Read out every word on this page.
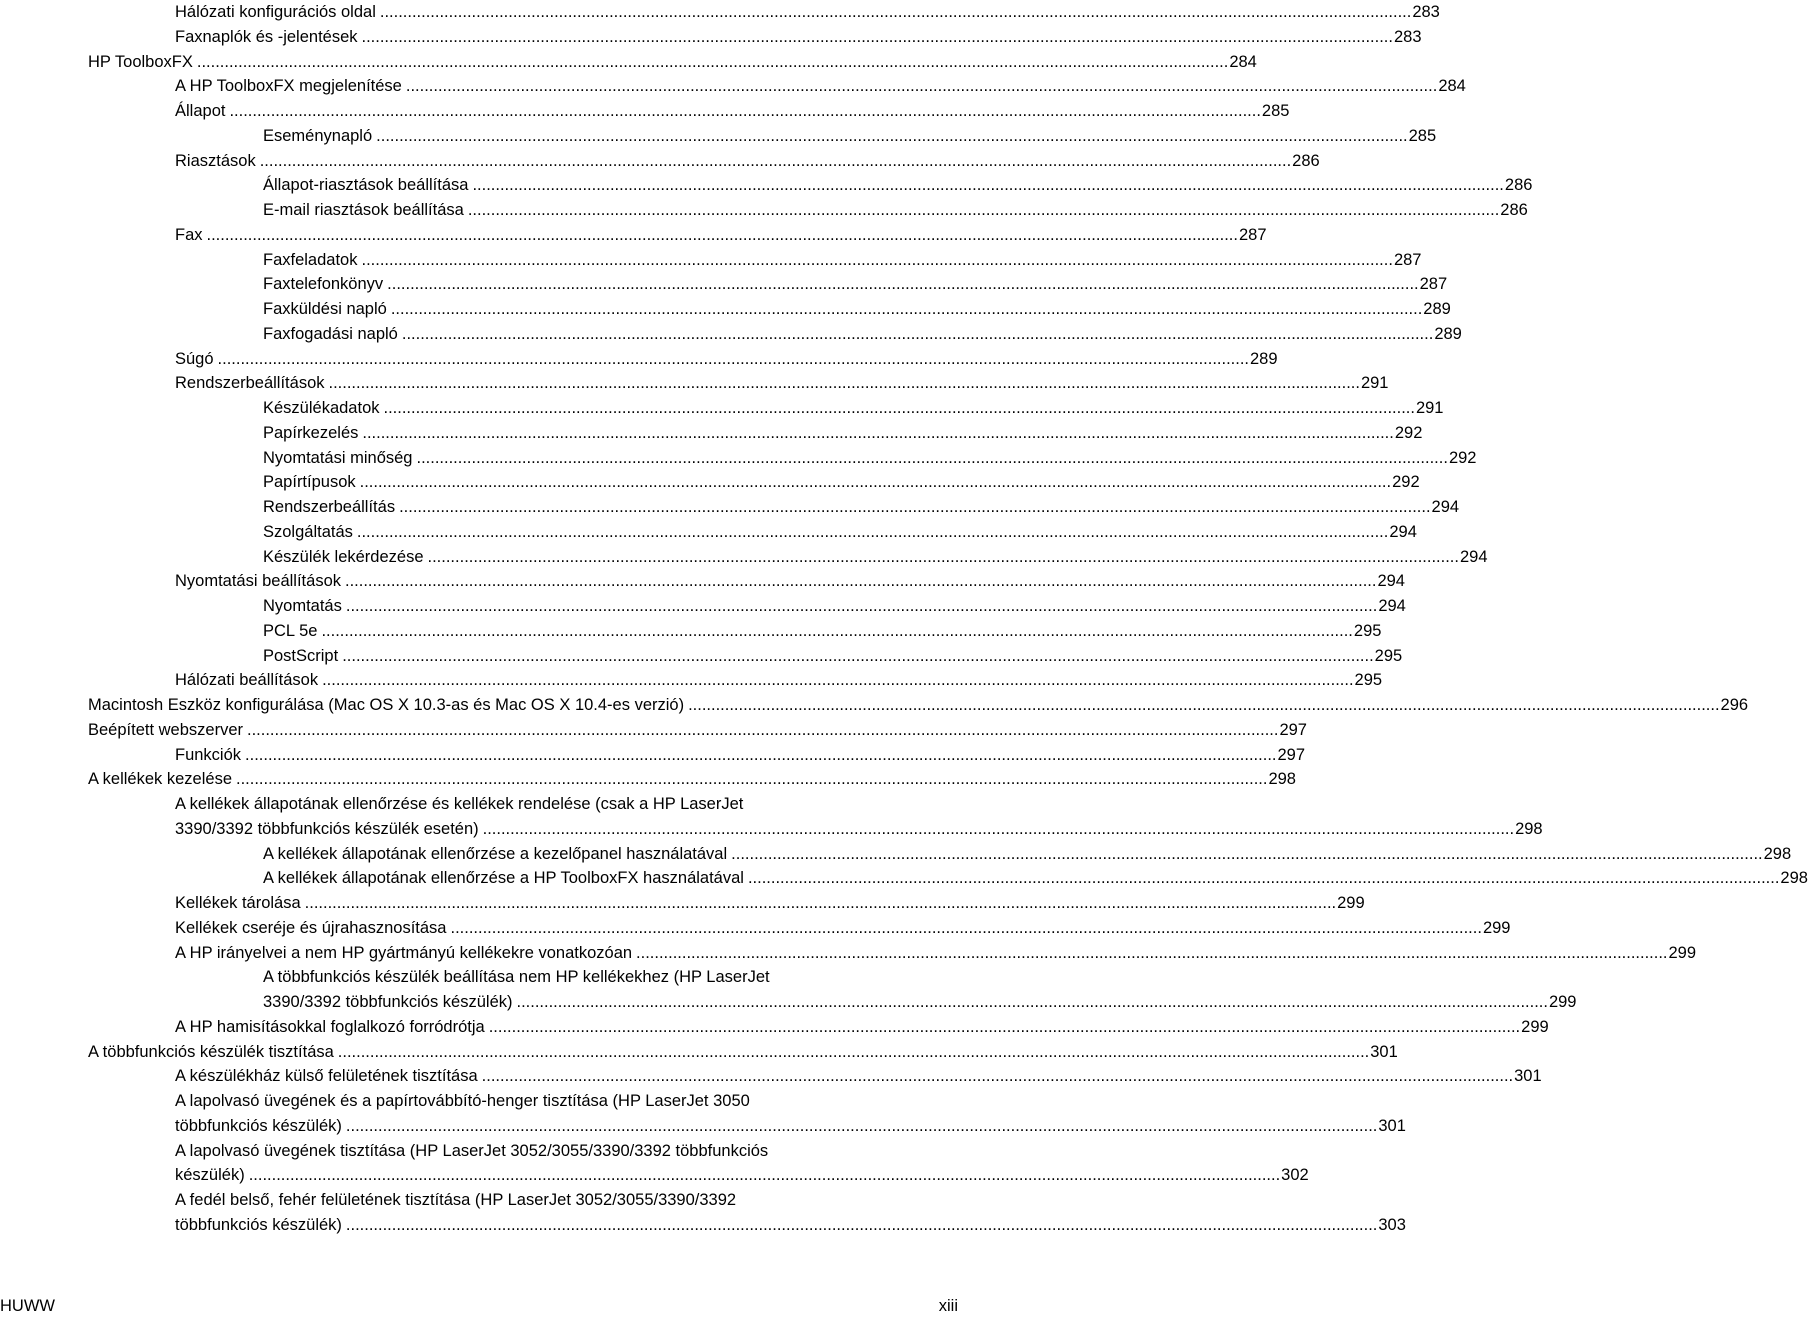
Hálózati konfigurációs oldal .....	283
Faxnaplók és -jelentések .....	283
HP ToolboxFX .....	284
A HP ToolboxFX megjelenítése .....	284
Állapot .....	285
Eseménynapló .....	285
Riasztások .....	286
Állapot-riasztások beállítása .....	286
E-mail riasztások beállítása .....	286
Fax .....	287
Faxfeladatok .....	287
Faxtelefonkönyv .....	287
Faxküldési napló .....	289
Faxfogadási napló .....	289
Súgó .....	289
Rendszerbeállítások .....	291
Készülékadatok .....	291
Papírkezelés .....	292
Nyomtatási minőség .....	292
Papírtípusok .....	292
Rendszerbeállítás .....	294
Szolgáltatás .....	294
Készülék lekérdezése .....	294
Nyomtatási beállítások .....	294
Nyomtatás .....	294
PCL 5e .....	295
PostScript .....	295
Hálózati beállítások .....	295
Macintosh Eszköz konfigurálása (Mac OS X 10.3-as és Mac OS X 10.4-es verzió) .....	296
Beépített webszerver .....	297
Funkciók .....	297
A kellékek kezelése .....	298
A kellékek állapotának ellenőrzése és kellékek rendelése (csak a HP LaserJet
3390/3392 többfunkciós készülék esetén) .....	298
A kellékek állapotának ellenőrzése a kezelőpanel használatával .....	298
A kellékek állapotának ellenőrzése a HP ToolboxFX használatával .....	298
Kellékek tárolása .....	299
Kellékek cseréje és újrahasznosítása .....	299
A HP irányelvei a nem HP gyártmányú kellékekre vonatkozóan .....	299
A többfunkciós készülék beállítása nem HP kellékekhez (HP LaserJet
3390/3392 többfunkciós készülék) .....	299
A HP hamisításokkal foglalkozó forródrótja .....	299
A többfunkciós készülék tisztítása .....	301
A készülékház külső felületének tisztítása .....	301
A lapolvasó üvegének és a papírtovábbító-henger tisztítása (HP LaserJet 3050
többfunkciós készülék) .....	301
A lapolvasó üvegének tisztítása (HP LaserJet 3052/3055/3390/3392 többfunkciós
készülék) .....	302
A fedél belső, fehér felületének tisztítása (HP LaserJet 3052/3055/3390/3392
többfunkciós készülék) .....	303
HUWW	xiii
